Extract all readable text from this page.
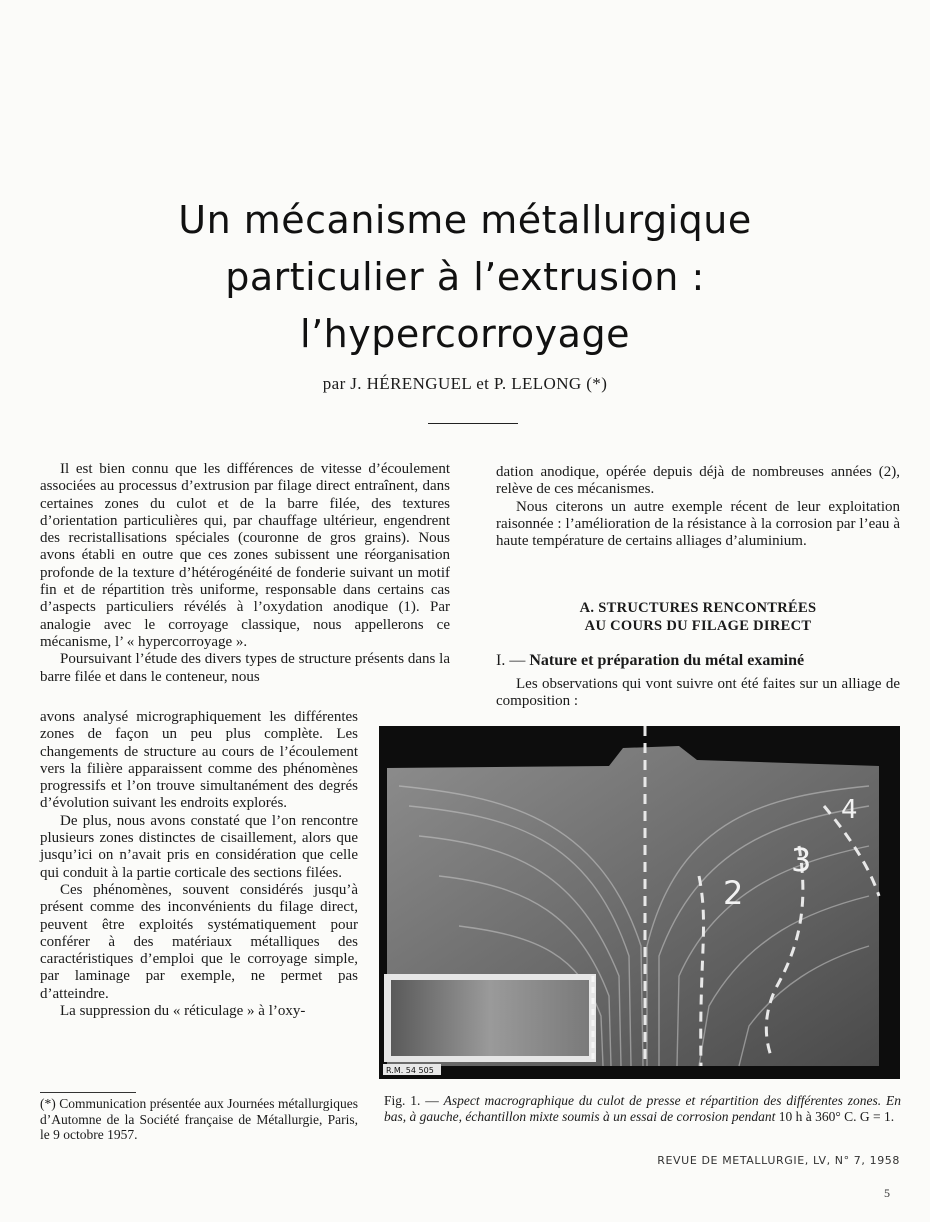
Un mécanisme métallurgique
particulier à l’extrusion :
l’hypercorroyage
par J. HÉRENGUEL et P. LELONG (*)

Il est bien connu que les différences de vitesse d’écoulement associées au processus d’extrusion par filage direct entraînent, dans certaines zones du culot et de la barre filée, des textures d’orientation particulières qui, par chauffage ultérieur, engendrent des recristallisations spéciales (couronne de gros grains). Nous avons établi en outre que ces zones subissent une réorganisation profonde de la texture d’hétérogénéité de fonderie suivant un motif fin et de répartition très uniforme, responsable dans certains cas d’aspects particuliers révélés à l’oxydation anodique (1). Par analogie avec le corroyage classique, nous appellerons ce mécanisme, l’ « hypercorroyage ».

Poursuivant l’étude des divers types de structure présents dans la barre filée et dans le conteneur, nous

avons analysé micrographiquement les différentes zones de façon un peu plus complète. Les changements de structure au cours de l’écoulement vers la filière apparaissent comme des phénomènes progressifs et l’on trouve simultanément des degrés d’évolution suivant les endroits explorés.

De plus, nous avons constaté que l’on rencontre plusieurs zones distinctes de cisaillement, alors que jusqu’ici on n’avait pris en considération que celle qui conduit à la partie corticale des sections filées.

Ces phénomènes, souvent considérés jusqu’à présent comme des inconvénients du filage direct, peuvent être exploités systématiquement pour conférer à des matériaux métalliques des caractéristiques d’emploi que le corroyage simple, par laminage par exemple, ne permet pas d’atteindre.

La suppression du « réticulage » à l’oxy-

dation anodique, opérée depuis déjà de nombreuses années (2), relève de ces mécanismes.

Nous citerons un autre exemple récent de leur exploitation raisonnée : l’amélioration de la résistance à la corrosion par l’eau à haute température de certains alliages d’aluminium.

A. STRUCTURES RENCONTRÉES
AU COURS DU FILAGE DIRECT
I. — Nature et préparation du métal examiné

Les observations qui vont suivre ont été faites sur un alliage de composition :

2
3
4
R.M. 54 505
Fig. 1. — Aspect macrographique du culot de presse et répartition des différentes zones. En bas, à gauche, échantillon mixte soumis à un essai de corrosion pendant 10 h à 360° C. G = 1.
(*) Communication présentée aux Journées métallurgiques d’Automne de la Société française de Métallurgie, Paris, le 9 octobre 1957.
REVUE DE METALLURGIE, LV, N° 7, 1958
5
